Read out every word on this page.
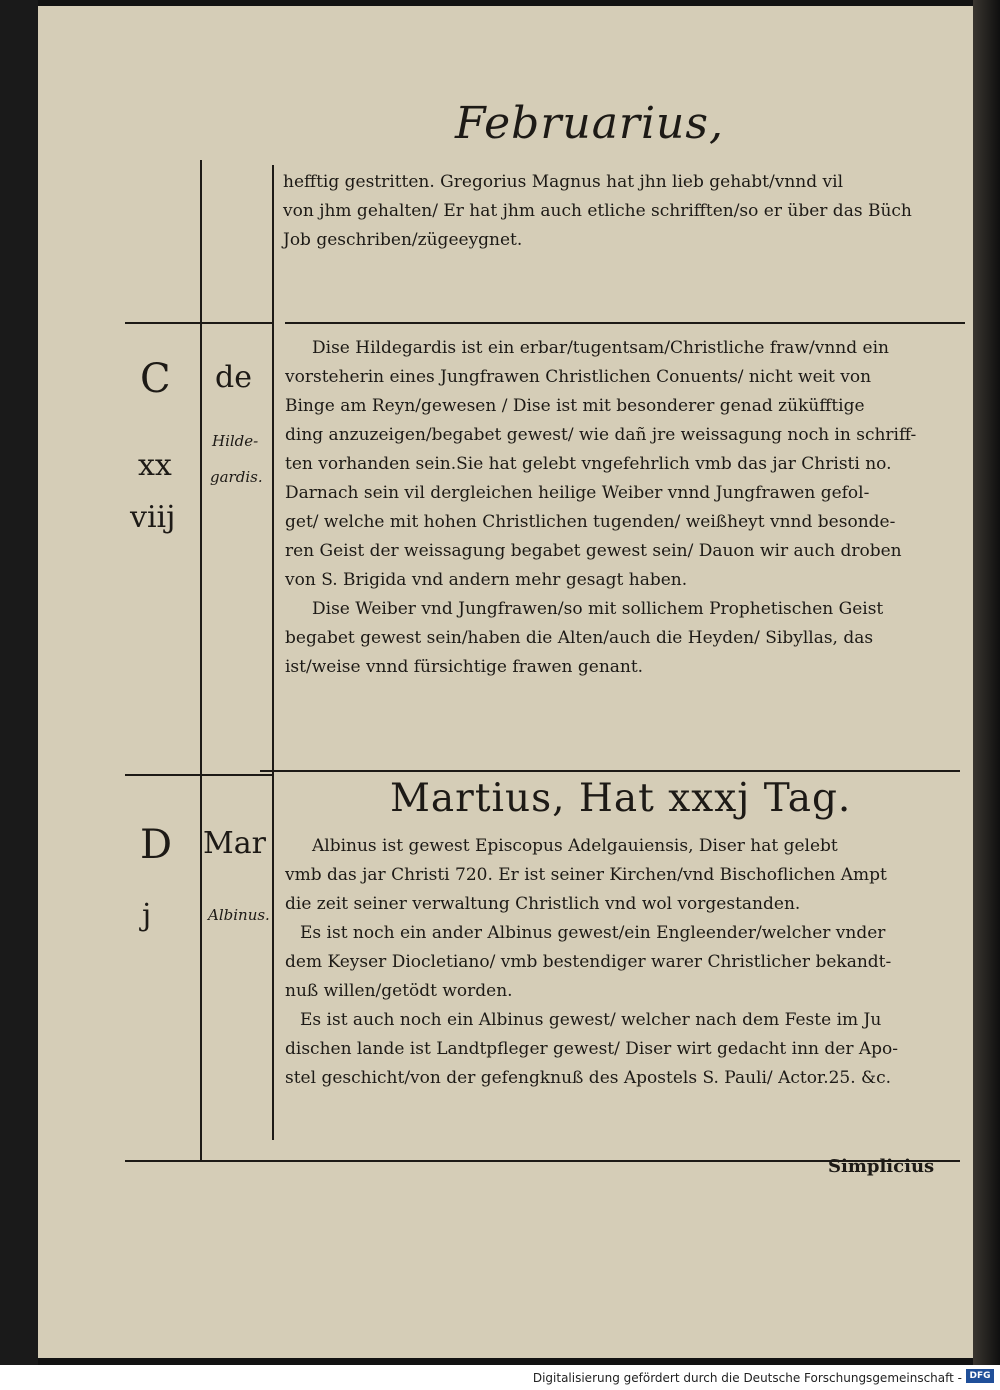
Februarius,
hefftig gestritten. Gregorius Magnus hat jhn lieb gehabt/vnnd vil
von jhm gehalten/ Er hat jhm auch etliche schrifften/so er über das Büch
Job geschriben/zügeeygnet.
C
xx
viij
de
Hilde-
gardis.
Dise Hildegardis ist ein erbar/tugentsam/Christliche fraw/vnnd ein
vorsteherin eines Jungfrawen Christlichen Conuents/ nicht weit von
Binge am Reyn/gewesen / Dise ist mit besonderer genad züküfftige
ding anzuzeigen/begabet gewest/ wie dañ jre weissagung noch in schriff-
ten vorhanden sein.Sie hat gelebt vngefehrlich vmb das jar Christi no.
Darnach sein vil dergleichen heilige Weiber vnnd Jungfrawen gefol-
get/ welche mit hohen Christlichen tugenden/ weißheyt vnnd besonde-
ren Geist der weissagung begabet gewest sein/ Dauon wir auch droben
von S. Brigida vnd andern mehr gesagt haben.
Dise Weiber vnd Jungfrawen/so mit sollichem Prophetischen Geist
begabet gewest sein/haben die Alten/auch die Heyden/ Sibyllas, das
ist/weise vnnd fürsichtige frawen genant.
Martius, Hat xxxj Tag.
D
j
Mar
Albinus.
Albinus ist gewest Episcopus Adelgauiensis, Diser hat gelebt
vmb das jar Christi 720. Er ist seiner Kirchen/vnd Bischoflichen Ampt
die zeit seiner verwaltung Christlich vnd wol vorgestanden.
Es ist noch ein ander Albinus gewest/ein Engleender/welcher vnder
dem Keyser Diocletiano/ vmb bestendiger warer Christlicher bekandt-
nuß willen/getödt worden.
Es ist auch noch ein Albinus gewest/ welcher nach dem Feste im Ju
dischen lande ist Landtpfleger gewest/ Diser wirt gedacht inn der Apo-
stel geschicht/von der gefengknuß des Apostels S. Pauli/ Actor.25. &c.
Simplicius
Digitalisierung gefördert durch die Deutsche Forschungsgemeinschaft - DFG
